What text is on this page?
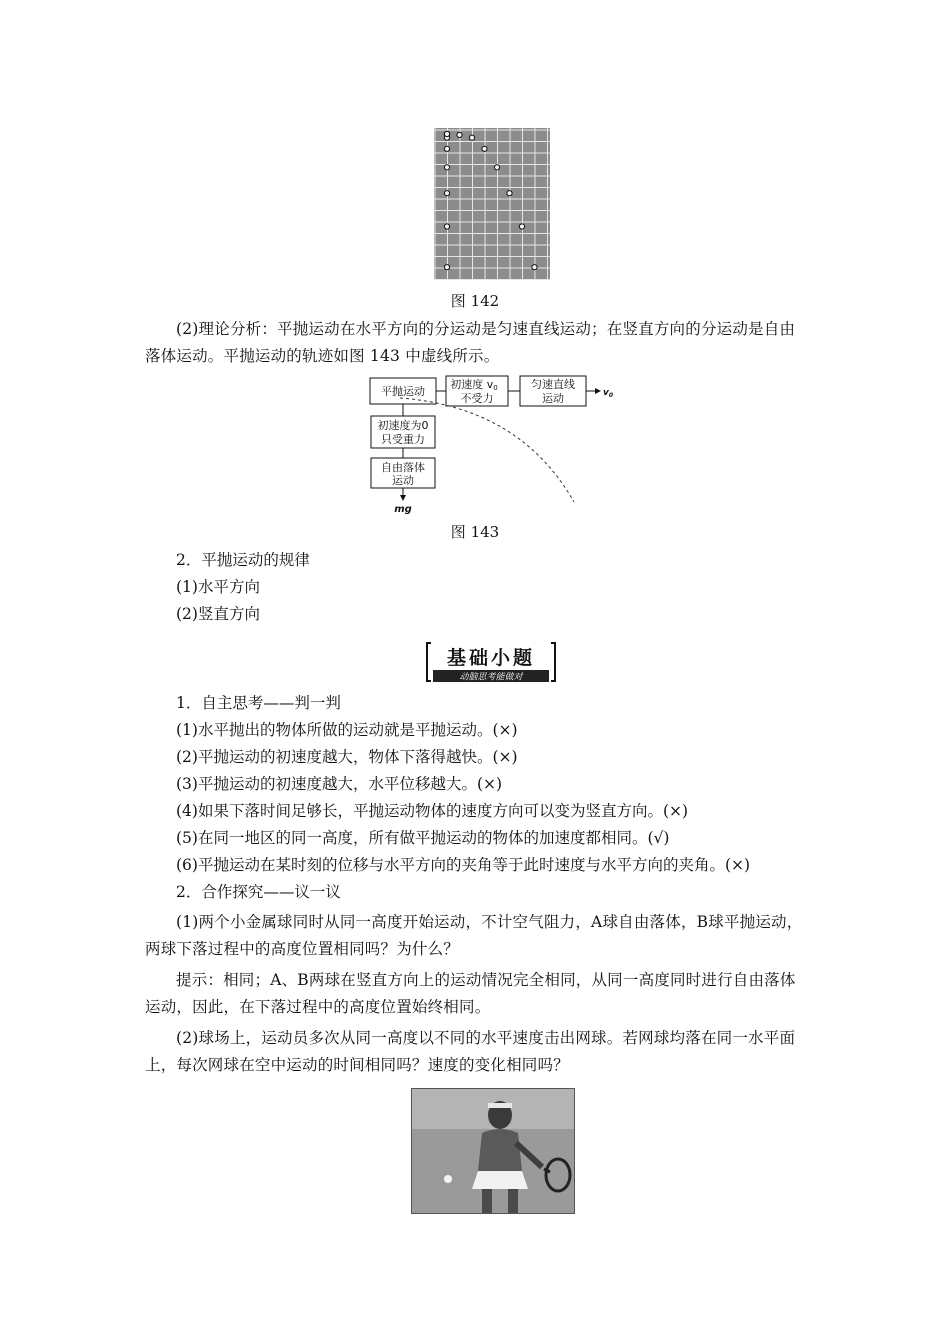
图 142
(2)理论分析：平抛运动在水平方向的分运动是匀速直线运动；在竖直方向的分运动是自由落体运动。平抛运动的轨迹如图 143 中虚线所示。
平抛运动
初速度 v0
不受力
匀速直线
运动	$v_0$
初速度为0
只受重力
自由落体
运动
mg
图 143
2．平抛运动的规律
(1)水平方向
(2)竖直方向
基础小题
动脑思考能做对
1．自主思考——判一判
(1)水平抛出的物体所做的运动就是平抛运动。(×)
(2)平抛运动的初速度越大，物体下落得越快。(×)
(3)平抛运动的初速度越大，水平位移越大。(×)
(4)如果下落时间足够长，平抛运动物体的速度方向可以变为竖直方向。(×)
(5)在同一地区的同一高度，所有做平抛运动的物体的加速度都相同。(√)
(6)平抛运动在某时刻的位移与水平方向的夹角等于此时速度与水平方向的夹角。(×)
2．合作探究——议一议
(1)两个小金属球同时从同一高度开始运动，不计空气阻力，A球自由落体，B球平抛运动，两球下落过程中的高度位置相同吗？为什么？
提示：相同；A、B两球在竖直方向上的运动情况完全相同，从同一高度同时进行自由落体运动，因此，在下落过程中的高度位置始终相同。
(2)球场上，运动员多次从同一高度以不同的水平速度击出网球。若网球均落在同一水平面上，每次网球在空中运动的时间相同吗？速度的变化相同吗？
